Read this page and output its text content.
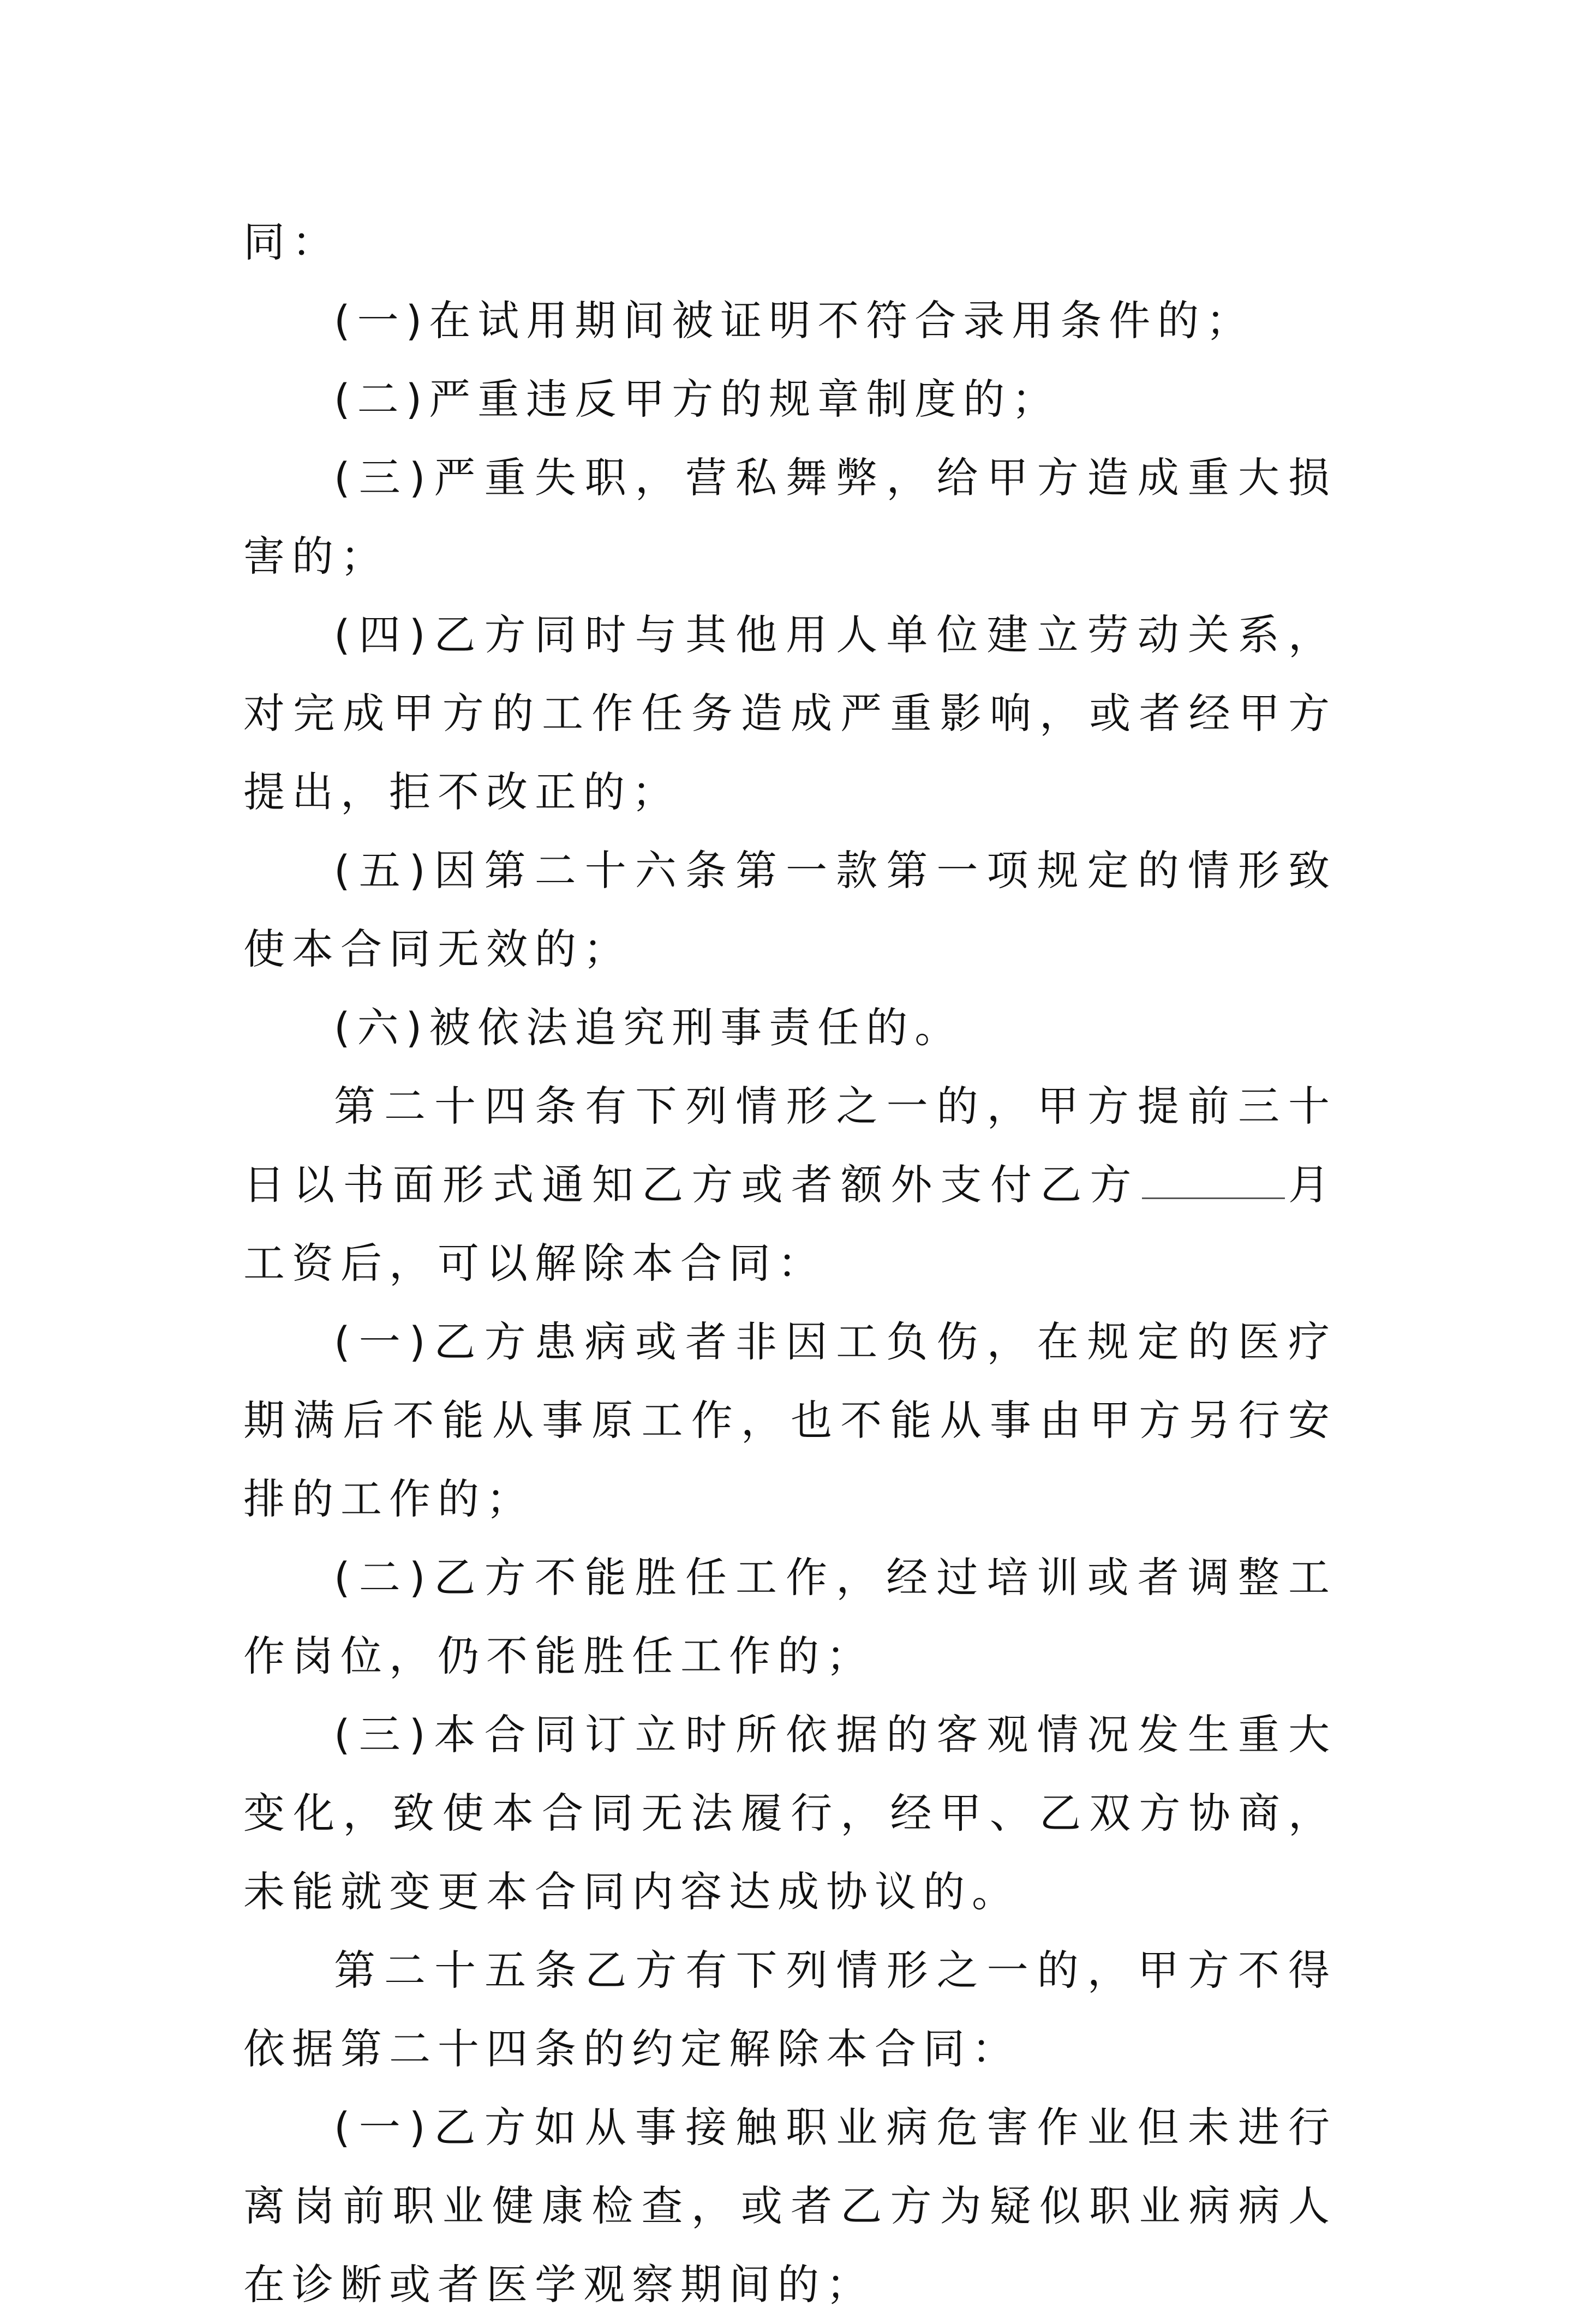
同：

(一)在试用期间被证明不符合录用条件的；

(二)严重违反甲方的规章制度的；

(三)严重失职，营私舞弊，给甲方造成重大损害的；

(四)乙方同时与其他用人单位建立劳动关系，对完成甲方的工作任务造成严重影响，或者经甲方提出，拒不改正的；

(五)因第二十六条第一款第一项规定的情形致使本合同无效的；

(六)被依法追究刑事责任的。

第二十四条有下列情形之一的，甲方提前三十日以书面形式通知乙方或者额外支付乙方	月工资后，可以解除本合同：

(一)乙方患病或者非因工负伤，在规定的医疗期满后不能从事原工作，也不能从事由甲方另行安排的工作的；

(二)乙方不能胜任工作，经过培训或者调整工作岗位，仍不能胜任工作的；

(三)本合同订立时所依据的客观情况发生重大变化，致使本合同无法履行，经甲、乙双方协商，未能就变更本合同内容达成协议的。

第二十五条乙方有下列情形之一的，甲方不得依据第二十四条的约定解除本合同：

(一)乙方如从事接触职业病危害作业但未进行离岗前职业健康检查，或者乙方为疑似职业病病人在诊断或者医学观察期间的；
